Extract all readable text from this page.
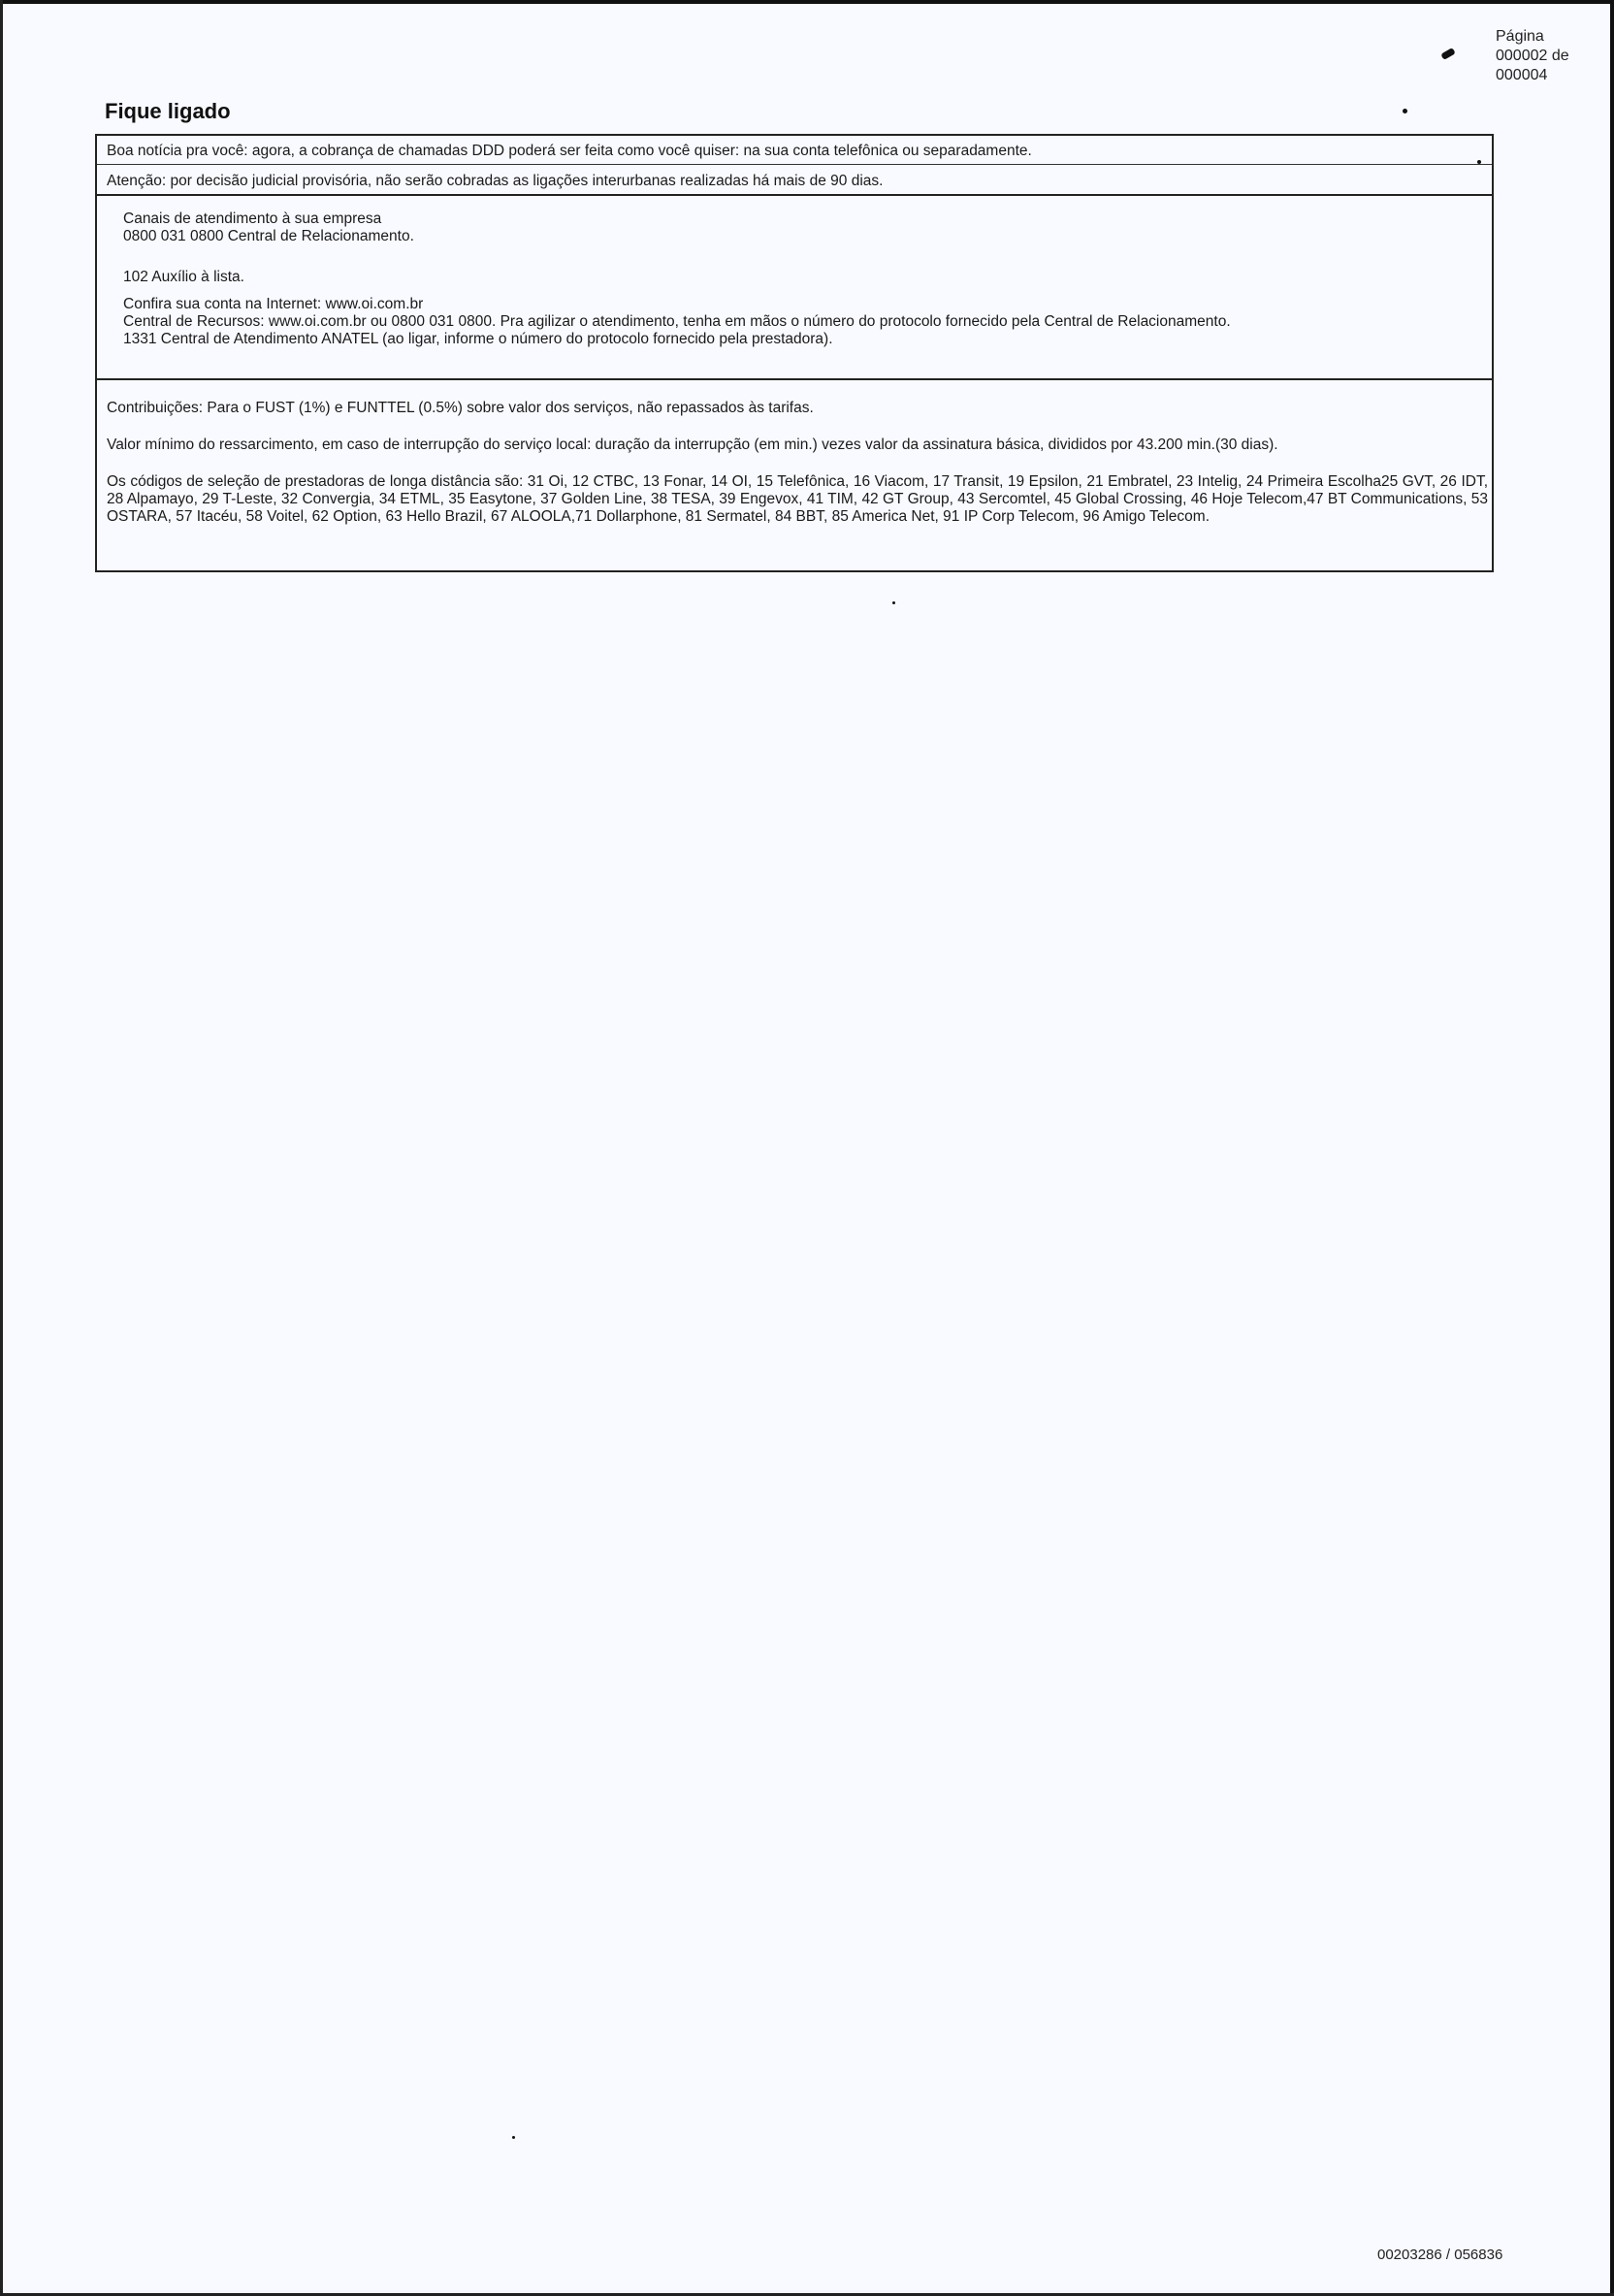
Página
000002 de
000004
Fique ligado

Boa notícia pra você: agora, a cobrança de chamadas DDD poderá ser feita como você quiser: na sua conta telefônica ou separadamente.

Atenção: por decisão judicial provisória, não serão cobradas as ligações interurbanas realizadas há mais de 90 dias.

Canais de atendimento à sua empresa
0800 031 0800 Central de Relacionamento.

102 Auxílio à lista.

Confira sua conta na Internet: www.oi.com.br
Central de Recursos: www.oi.com.br ou 0800 031 0800. Pra agilizar o atendimento, tenha em mãos o número do protocolo fornecido pela Central de Relacionamento.
1331 Central de Atendimento ANATEL (ao ligar, informe o número do protocolo fornecido pela prestadora).

Contribuições: Para o FUST (1%) e FUNTTEL (0.5%) sobre valor dos serviços, não repassados às tarifas.

Valor mínimo do ressarcimento, em caso de interrupção do serviço local: duração da interrupção (em min.) vezes valor da assinatura básica, divididos por 43.200 min.(30 dias).

Os códigos de seleção de prestadoras de longa distância são: 31 Oi, 12 CTBC, 13 Fonar, 14 OI, 15 Telefônica, 16 Viacom, 17 Transit, 19 Epsilon, 21 Embratel, 23 Intelig, 24 Primeira Escolha25 GVT, 26 IDT, 28 Alpamayo, 29 T-Leste, 32 Convergia, 34 ETML, 35 Easytone, 37 Golden Line, 38 TESA, 39 Engevox, 41 TIM, 42 GT Group, 43 Sercomtel, 45 Global Crossing, 46 Hoje Telecom,47 BT Communications, 53 OSTARA, 57 Itacéu, 58 Voitel, 62 Option, 63 Hello Brazil, 67 ALOOLA,71 Dollarphone, 81 Sermatel, 84 BBT, 85 America Net, 91 IP Corp Telecom, 96 Amigo Telecom.

00203286 / 056836
